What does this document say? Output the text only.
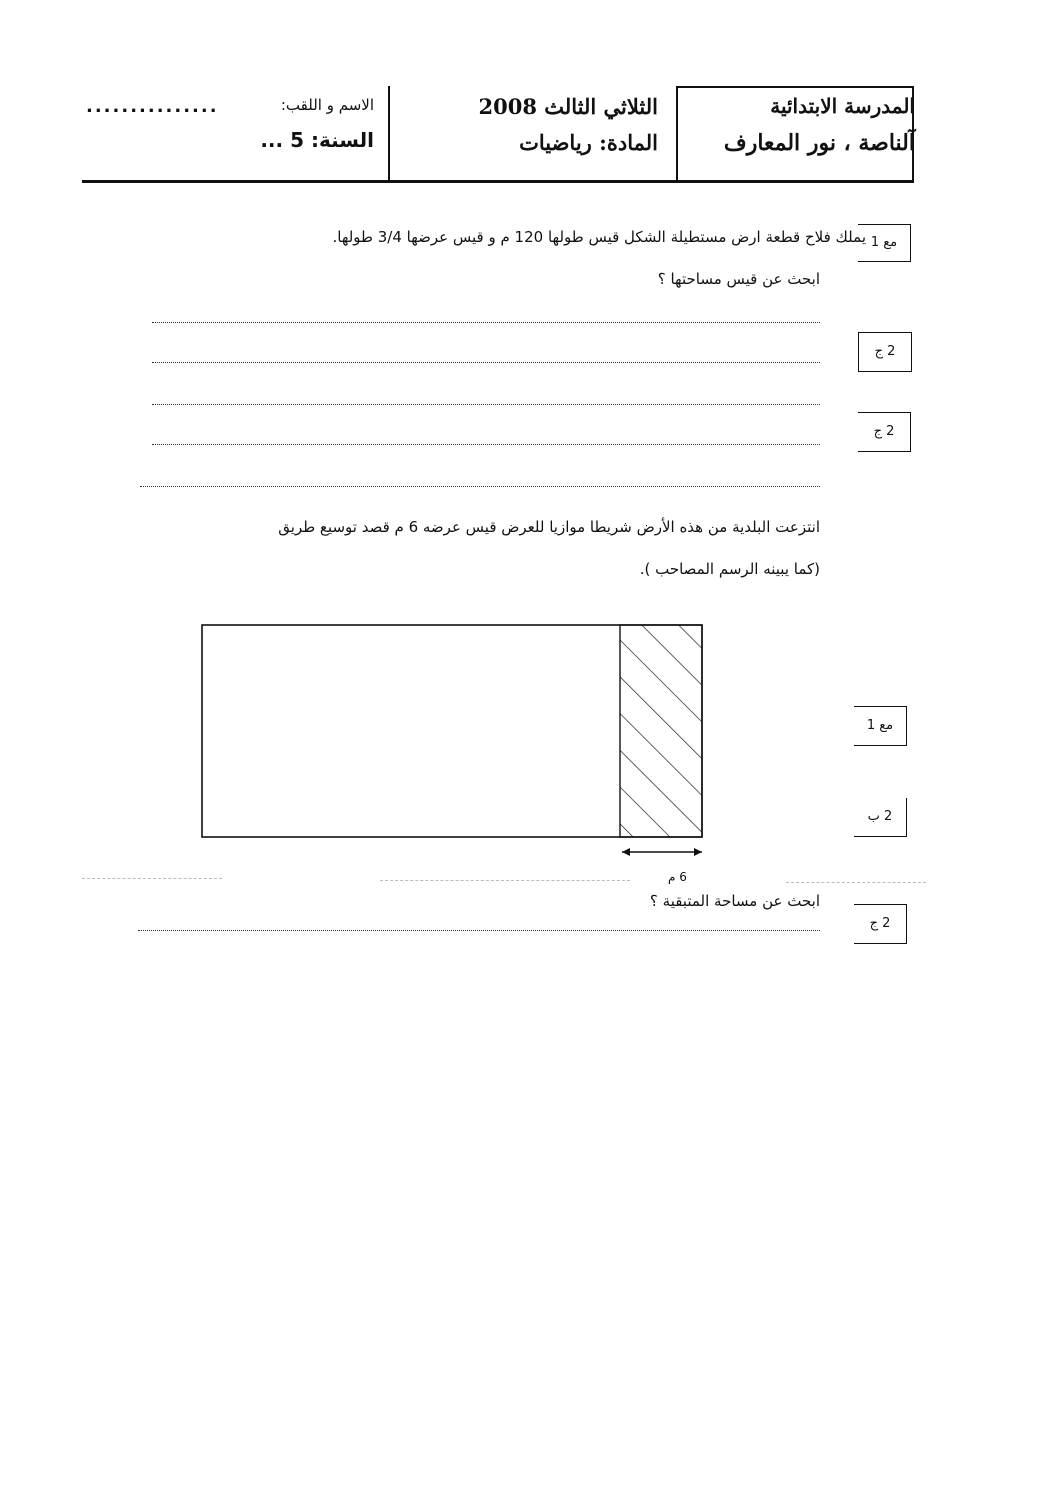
المدرسة الابتدائية
آلناصة ، نور المعارف
الثلاثي الثالث 2008
المادة: رياضيات
الاسم و اللقب:
...............
السنة: 5 ...
مع 1
يملك فلاح قطعة ارض مستطيلة الشكل قيس طولها 120 م و قيس عرضها 3/4 طولها.
ابحث عن قيس مساحتها ؟
2 ج
2 ج
انتزعت البلدية من هذه الأرض شريطا موازيا للعرض قيس عرضه 6 م قصد توسيع طريق
(كما يبينه الرسم المصاحب ).
6 م
مع 1
2 ب
ابحث عن مساحة المتبقية ؟
2 ج
